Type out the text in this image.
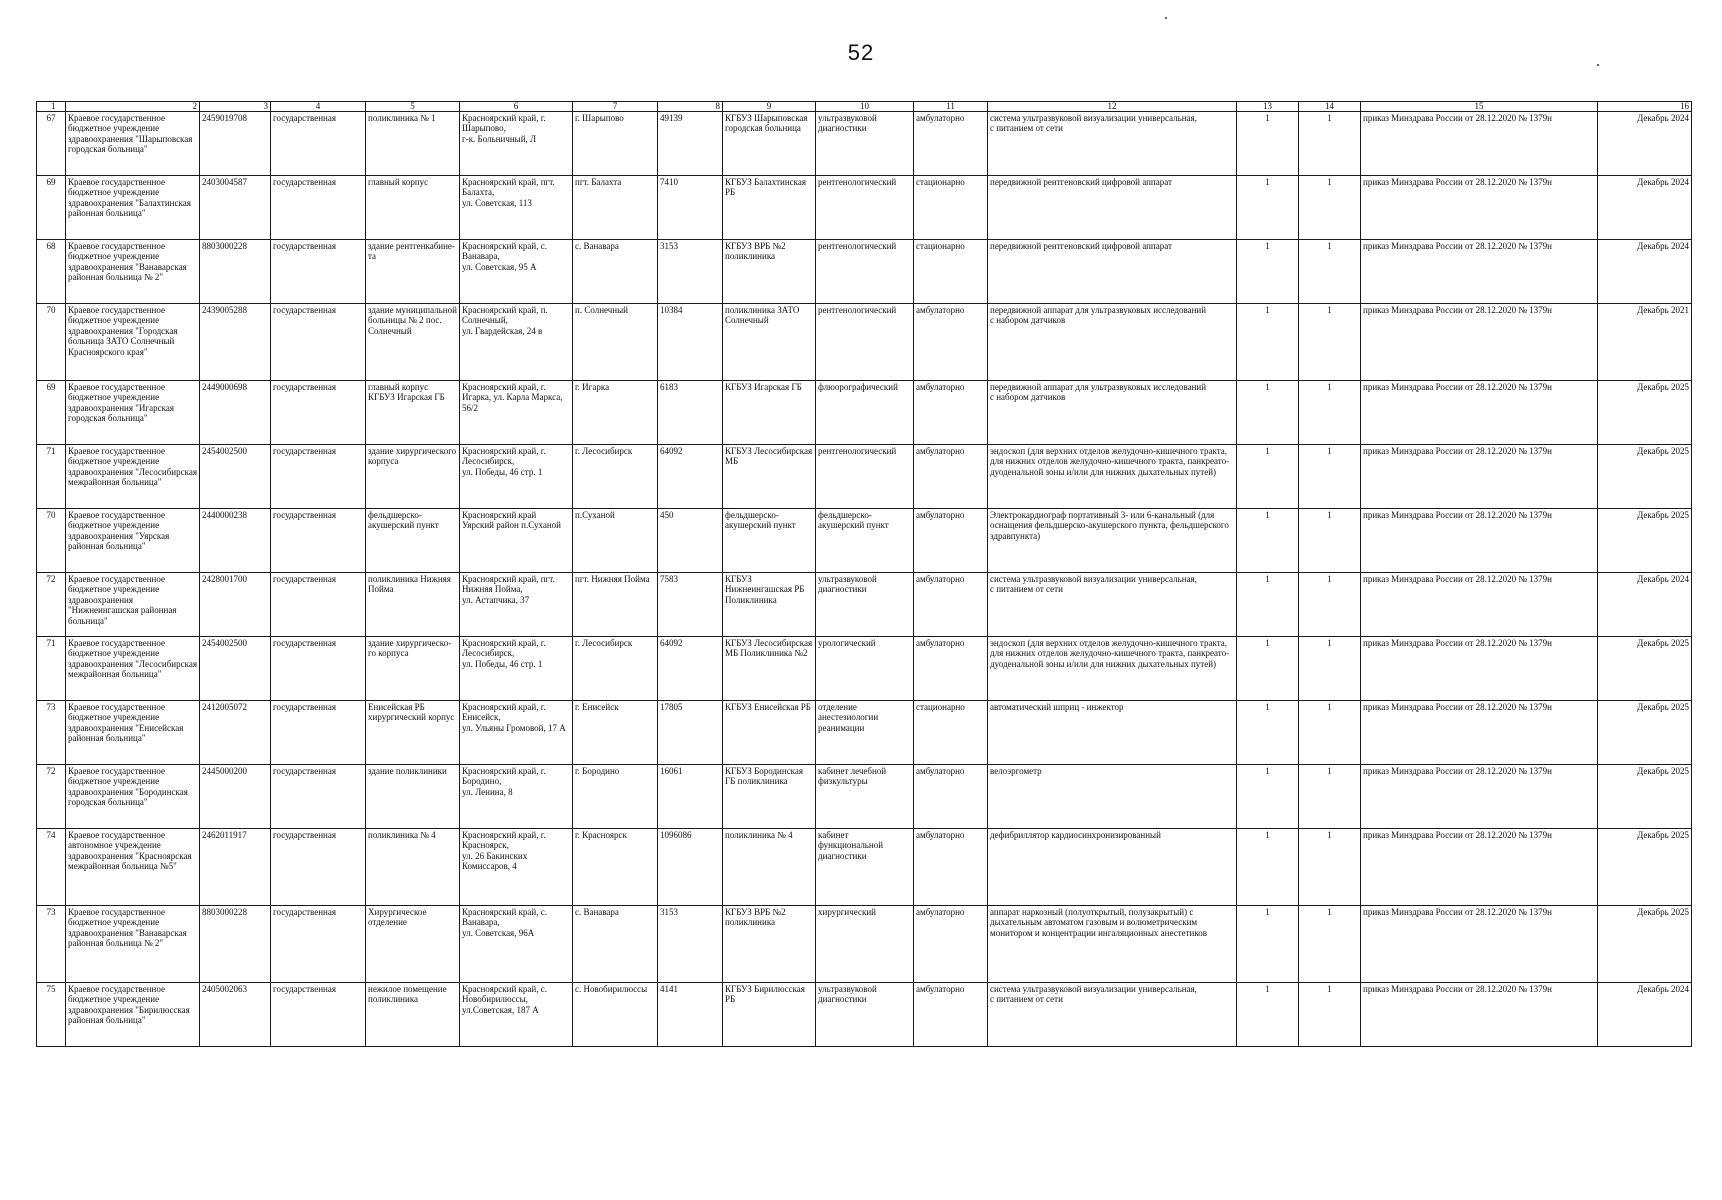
52
1	2	3	4	5	6	7	8	9	10	11	12	13	14	15	16
67	Краевое государственное бюджетное учреждение здравоохранения "Шарыповская городская больница"	2459019708	государственная	поликлиника № 1	Красноярский край, г. Шарыпово,
г-к. Больничный, Л	г. Шарыпово	49139	КГБУЗ Шарыповская городская больница	ультразвуковой диагностики	амбулаторно	система ультразвуковой визуализации универсальная,
с питанием от сети	1	1	приказ Минздрава России от 28.12.2020 № 1379н	Декабрь 2024
69	Краевое государственное бюджетное учреждение здравоохранения "Балахтинская районная больница"	2403004587	государственная	главный корпус	Красноярский край, пгт. Балахта,
ул. Советская, 113	пгт. Балахта	7410	КГБУЗ Балахтинская РБ	рентгенологический	стационарно	передвижной рентгеновский цифровой аппарат	1	1	приказ Минздрава России от 28.12.2020 № 1379н	Декабрь 2024
68	Краевое государственное бюджетное учреждение здравоохранения "Ванаварская районная больница № 2"	8803000228	государственная	здание рентгенкабине-та	Красноярский край, с. Ванавара,
ул. Советская, 95 А	с. Ванавара	3153	КГБУЗ ВРБ №2 поликлиника	рентгенологический	стационарно	передвижной рентгеновский цифровой аппарат	1	1	приказ Минздрава России от 28.12.2020 № 1379н	Декабрь 2024
70	Краевое государственное бюджетное учреждение здравоохранения "Городская больница ЗАТО Солнечный Красноярского края"	2439005288	государственная	здание муниципальной больницы № 2 пос. Солнечный	Красноярский край, п. Солнечный,
ул. Гвардейская, 24 в	п. Солнечный	10384	поликлиника ЗАТО Солнечный	рентгенологический	амбулаторно	передвижной аппарат для ультразвуковых исследований
с набором датчиков	1	1	приказ Минздрава России от 28.12.2020 № 1379н	Декабрь 2021
69	Краевое государственное бюджетное учреждение здравоохранения "Игарская городская больница"	2449000698	государственная	главный корпус КГБУЗ Игарская ГБ	Красноярский край, г. Игарка, ул. Карла Маркса, 56/2	г. Игарка	6183	КГБУЗ Игарская ГБ	флюорографический	амбулаторно	передвижной аппарат для ультразвуковых исследований
с набором датчиков	1	1	приказ Минздрава России от 28.12.2020 № 1379н	Декабрь 2025
71	Краевое государственное бюджетное учреждение здравоохранения "Лесосибирская межрайонная больница"	2454002500	государственная	здание хирургического корпуса	Красноярский край, г. Лесосибирск,
ул. Победы, 46 стр. 1	г. Лесосибирск	64092	КГБУЗ Лесосибирская МБ	рентгенологический	амбулаторно	эндоскоп (для верхних отделов желудочно-кишечного тракта, для нижних отделов желудочно-кишечного тракта, панкреато-дуоденальной зоны и/или для нижних дыхательных путей)	1	1	приказ Минздрава России от 28.12.2020 № 1379н	Декабрь 2025
70	Краевое государственное бюджетное учреждение здравоохранения "Уярская районная больница"	2440000238	государственная	фельдшерско-акушерский пункт	Красноярский край Уярский район п.Суханой	п.Суханой	450	фельдшерско-акушерский пункт	фельдшерско-акушерский пункт	амбулаторно	Электрокардиограф портативный 3- или 6-канальный (для оснащения фельдшерско-акушерского пункта, фельдшерского здравпункта)	1	1	приказ Минздрава России от 28.12.2020 № 1379н	Декабрь 2025
72	Краевое государственное бюджетное учреждение здравоохранения "Нижнеингашская районная больница"	2428001700	государственная	поликлиника Нижняя Пойма	Красноярский край, пгт. Нижняя Пойма,
ул. Астапчика, 37	пгт. Нижняя Пойма	7583	КГБУЗ Нижнеингашская РБ Поликлиника	ультразвуковой диагностики	амбулаторно	система ультразвуковой визуализации универсальная,
с питанием от сети	1	1	приказ Минздрава России от 28.12.2020 № 1379н	Декабрь 2024
71	Краевое государственное бюджетное учреждение здравоохранения "Лесосибирская межрайонная больница"	2454002500	государственная	здание хирургическо-го корпуса	Красноярский край, г. Лесосибирск,
ул. Победы, 46 стр. 1	г. Лесосибирск	64092	КГБУЗ Лесосибирская МБ Поликлиника №2	урологический	амбулаторно	эндоскоп (для верхних отделов желудочно-кишечного тракта, для нижних отделов желудочно-кишечного тракта, панкреато-дуоденальной зоны и/или для нижних дыхательных путей)	1	1	приказ Минздрава России от 28.12.2020 № 1379н	Декабрь 2025
73	Краевое государственное бюджетное учреждение здравоохранения "Енисейская районная больница"	2412005072	государственная	Енисейская РБ хирургический корпус	Красноярский край, г. Енисейск,
ул. Ульяны Громовой, 17 А	г. Енисейск	17805	КГБУЗ Енисейская РБ	отделение анестезиологии реанимации	стационарно	автоматический шприц - инжектор	1	1	приказ Минздрава России от 28.12.2020 № 1379н	Декабрь 2025
72	Краевое государственное бюджетное учреждение здравоохранения "Бородинская городская больница"	2445000200	государственная	здание поликлиники	Красноярский край, г. Бородино,
ул. Ленина, 8	г. Бородино	16061	КГБУЗ Бородинская ГБ поликлиника	кабинет лечебной физкультуры	амбулаторно	велоэргометр	1	1	приказ Минздрава России от 28.12.2020 № 1379н	Декабрь 2025
74	Краевое государственное автономное учреждение здравоохранения "Красноярская межрайонная больница №5"	2462011917	государственная	поликлиника № 4	Красноярский край, г. Красноярск,
ул. 26 Бакинских Комиссаров, 4	г. Красноярск	1096086	поликлиника № 4	кабинет функциональной диагностики	амбулаторно	дефибриллятор кардиосинхронизированный	1	1	приказ Минздрава России от 28.12.2020 № 1379н	Декабрь 2025
73	Краевое государственное бюджетное учреждение здравоохранения "Ванаварская районная больница № 2"	8803000228	государственная	Хирургическое отделение	Красноярский край, с. Ванавара,
ул. Советская, 96А	с. Ванавара	3153	КГБУЗ ВРБ №2 поликлиника	хирургический	амбулаторно	аппарат наркозный (полуоткрытый, полузакрытый) с дыхательным автоматом газовым и волюметрическим монитором и концентрации ингаляционных анестетиков	1	1	приказ Минздрава России от 28.12.2020 № 1379н	Декабрь 2025
75	Краевое государственное бюджетное учреждение здравоохранения "Бирилюсская районная больница"	2405002063	государственная	нежилое помещение поликлиника	Красноярский край, с. Новобирилюссы,
ул.Советская, 187 А	с. Новобирилюссы	4141	КГБУЗ Бирилюсская РБ	ультразвуковой диагностики	амбулаторно	система ультразвуковой визуализации универсальная,
с питанием от сети	1	1	приказ Минздрава России от 28.12.2020 № 1379н	Декабрь 2024
